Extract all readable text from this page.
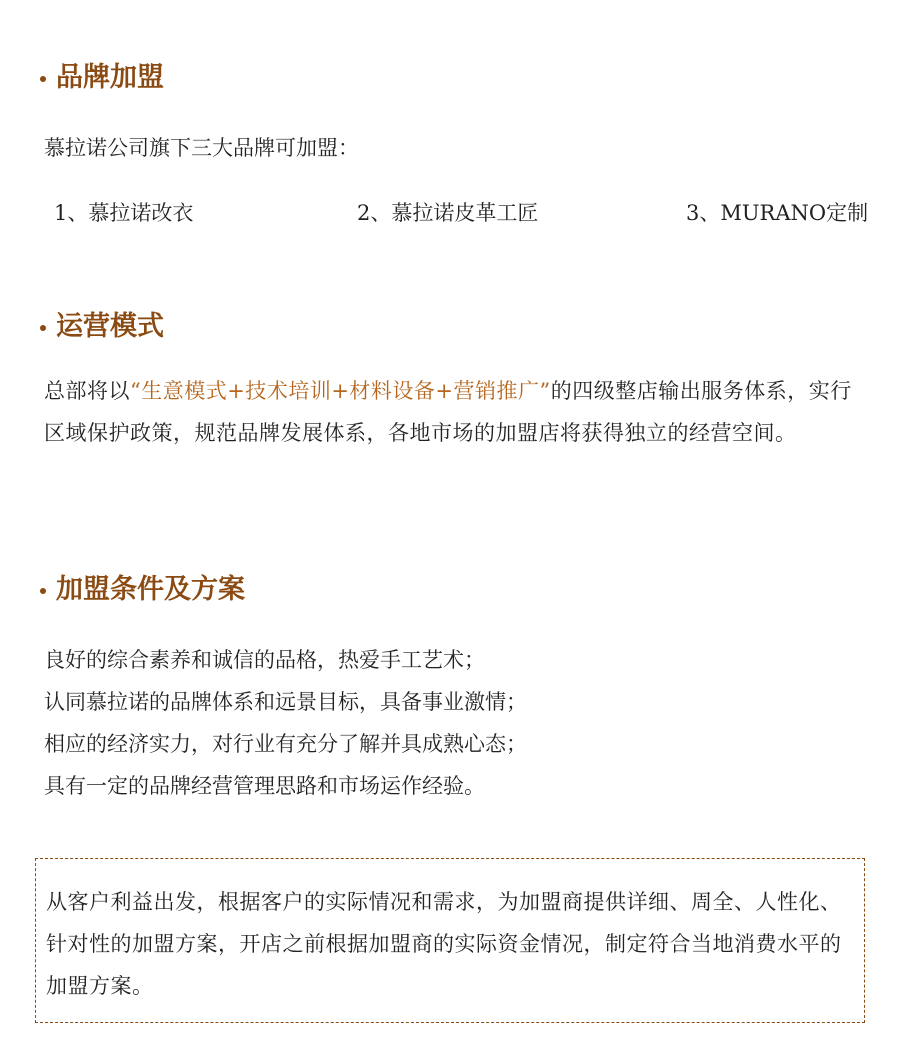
品牌加盟
慕拉诺公司旗下三大品牌可加盟：
1、慕拉诺改衣	2、慕拉诺皮革工匠	3、MURANO定制
运营模式
总部将以“生意模式+技术培训+材料设备+营销推广”的四级整店输出服务体系，实行区域保护政策，规范品牌发展体系，各地市场的加盟店将获得独立的经营空间。
加盟条件及方案
良好的综合素养和诚信的品格，热爱手工艺术；
认同慕拉诺的品牌体系和远景目标，具备事业激情；
相应的经济实力，对行业有充分了解并具成熟心态；
具有一定的品牌经营管理思路和市场运作经验。
从客户利益出发，根据客户的实际情况和需求，为加盟商提供详细、周全、人性化、针对性的加盟方案，开店之前根据加盟商的实际资金情况，制定符合当地消费水平的加盟方案。
